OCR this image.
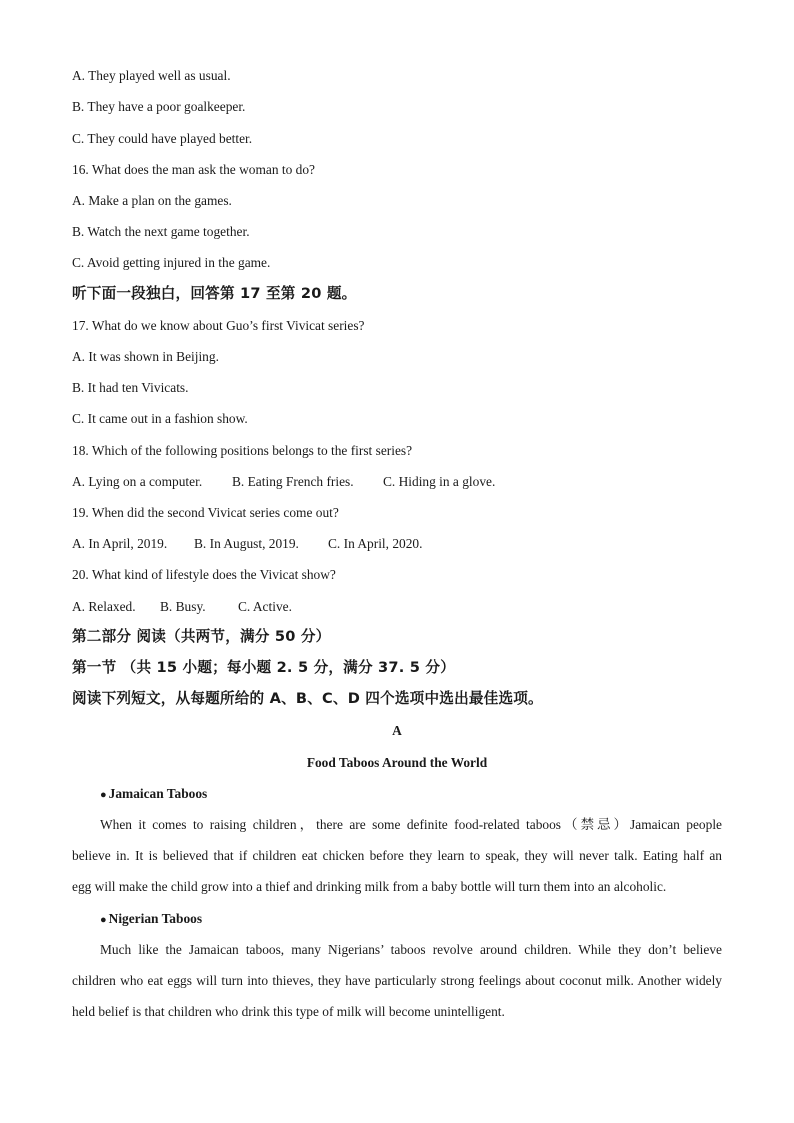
A. They played well as usual.
B. They have a poor goalkeeper.
C. They could have played better.
16. What does the man ask the woman to do?
A. Make a plan on the games.
B. Watch the next game together.
C. Avoid getting injured in the game.
听下面一段独白，回答第 17 至第 20 题。
17. What do we know about Guo’s first Vivicat series?
A. It was shown in Beijing.
B. It had ten Vivicats.
C. It came out in a fashion show.
18. Which of the following positions belongs to the first series?
A. Lying on a computer. B. Eating French fries. C. Hiding in a glove.
19. When did the second Vivicat series come out?
A. In April, 2019. B. In August, 2019. C. In April, 2020.
20. What kind of lifestyle does the Vivicat show?
A. Relaxed. B. Busy. C. Active.
第二部分 阅读（共两节，满分 50 分）
第一节 （共 15 小题；每小题 2. 5 分，满分 37. 5 分）
阅读下列短文，从每题所给的 A、B、C、D 四个选项中选出最佳选项。
A
Food Taboos Around the World
● Jamaican Taboos
When it comes to raising children，there are some definite food-related taboos（禁忌）Jamaican people
believe in. It is believed that if children eat chicken before they learn to speak, they will never talk. Eating half an
egg will make the child grow into a thief and drinking milk from a baby bottle will turn them into an alcoholic.
● Nigerian Taboos
Much like the Jamaican taboos, many Nigerians’ taboos revolve around children. While they don’t believe
children who eat eggs will turn into thieves, they have particularly strong feelings about coconut milk. Another widely
held belief is that children who drink this type of milk will become unintelligent.
